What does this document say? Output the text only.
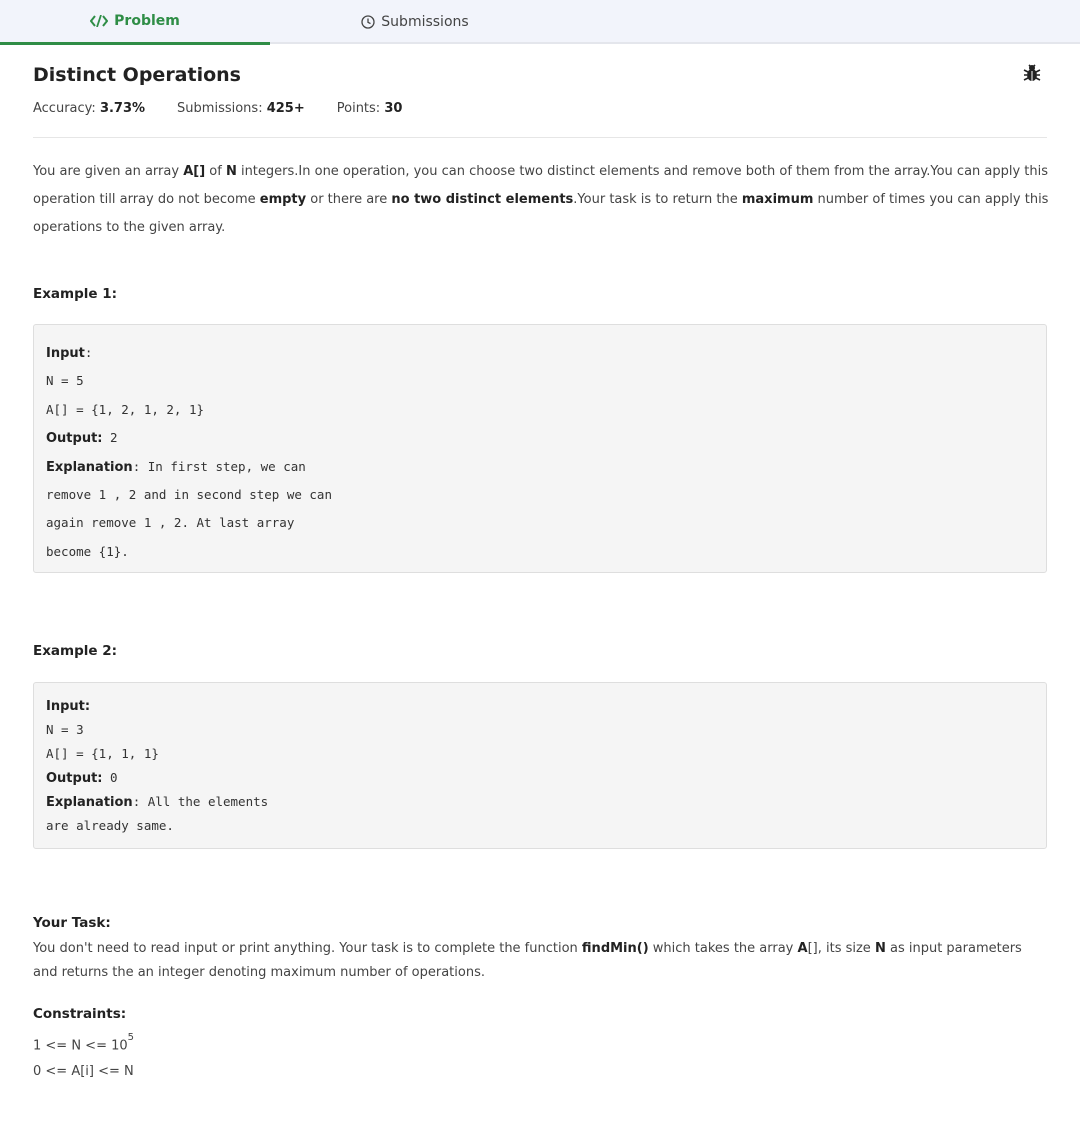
Problem	Submissions
Distinct Operations
Accuracy: 3.73% Submissions: 425+ Points: 30
You are given an array A[] of N integers.In one operation, you can choose two distinct elements and remove both of them from the array.You can apply this operation till array do not become empty or there are no two distinct elements.Your task is to return the maximum number of times you can apply this operations to the given array.
Example 1:
Input:
N = 5
A[] = {1, 2, 1, 2, 1}
Output: 2
Explanation: In first step, we can
remove 1 , 2 and in second step we can
again remove 1 , 2. At last array
become {1}.
Example 2:
Input:
N = 3
A[] = {1, 1, 1}
Output: 0
Explanation: All the elements
are already same.
Your Task:
You don't need to read input or print anything. Your task is to complete the function findMin() which takes the array A[], its size N as input parameters and returns the an integer denoting maximum number of operations.
Constraints:
$1 <= N <= 10^5$
0 <= A[i] <= N
